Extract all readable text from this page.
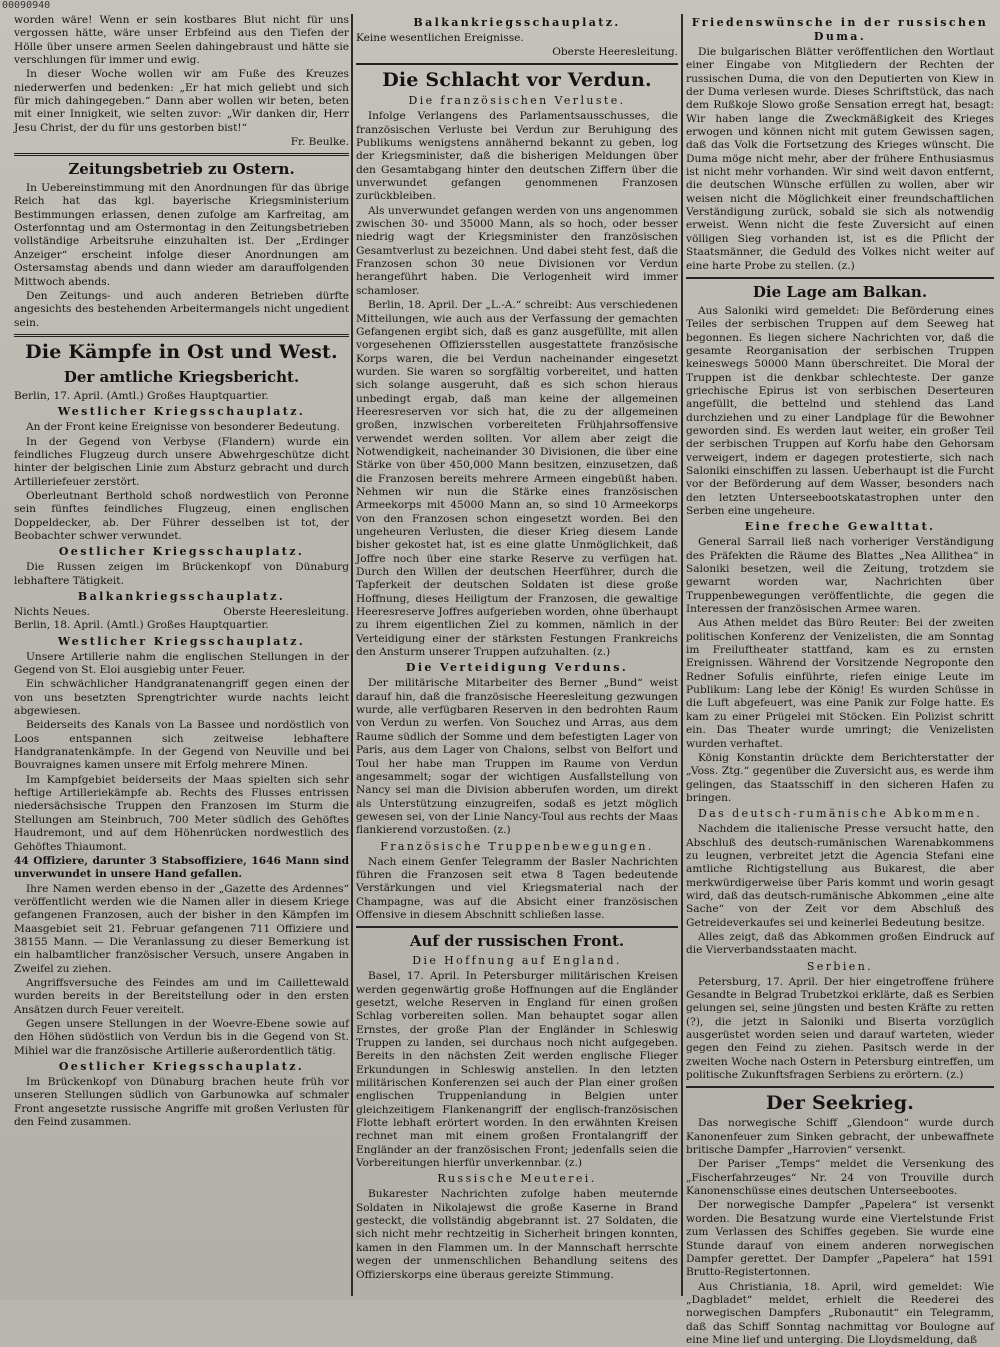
00090940

worden wäre! Wenn er sein kostbares Blut nicht für uns vergossen hätte, wäre unser Erbfeind aus den Tiefen der Hölle über unsere armen Seelen dahingebraust und hätte sie verschlungen für immer und ewig.

In dieser Woche wollen wir am Fuße des Kreuzes niederwerfen und bedenken: „Er hat mich geliebt und sich für mich dahingegeben.“ Dann aber wollen wir beten, beten mit einer Innigkeit, wie selten zuvor: „Wir danken dir, Herr Jesu Christ, der du für uns gestorben bist!“

Fr. Beulke.
Zeitungsbetrieb zu Ostern.

In Uebereinstimmung mit den Anordnungen für das übrige Reich hat das kgl. bayerische Kriegsministerium Bestimmungen erlassen, denen zufolge am Karfreitag, am Osterfonntag und am Ostermontag in den Zeitungsbetrieben vollständige Arbeitsruhe einzuhalten ist. Der „Erdinger Anzeiger“ erscheint infolge dieser Anordnungen am Ostersamstag abends und dann wieder am darauffolgenden Mittwoch abends.

Den Zeitungs- und auch anderen Betrieben dürfte angesichts des bestehenden Arbeitermangels nicht ungedient sein.

Die Kämpfe in Ost und West.
Der amtliche Kriegsbericht.

Berlin, 17. April. (Amtl.) Großes Hauptquartier.

Westlicher Kriegsschauplatz.

An der Front keine Ereignisse von besonderer Bedeutung.

In der Gegend von Verbyse (Flandern) wurde ein feindliches Flugzeug durch unsere Abwehrgeschütze dicht hinter der belgischen Linie zum Absturz gebracht und durch Artilleriefeuer zerstört.

Oberleutnant Berthold schoß nordwestlich von Peronne sein fünftes feindliches Flugzeug, einen englischen Doppeldecker, ab. Der Führer desselben ist tot, der Beobachter schwer verwundet.

Oestlicher Kriegsschauplatz.

Die Russen zeigen im Brückenkopf von Dünaburg lebhaftere Tätigkeit.

Balkankriegsschauplatz.
Nichts Neues.	Oberste Heeresleitung.

Berlin, 18. April. (Amtl.) Großes Hauptquartier.

Westlicher Kriegsschauplatz.

Unsere Artillerie nahm die englischen Stellungen in der Gegend von St. Eloi ausgiebig unter Feuer.

Ein schwächlicher Handgranatenangriff gegen einen der von uns besetzten Sprengtrichter wurde nachts leicht abgewiesen.

Beiderseits des Kanals von La Bassee und nordöstlich von Loos entspannen sich zeitweise lebhaftere Handgranatenkämpfe. In der Gegend von Neuville und bei Bouvraignes kamen unsere mit Erfolg mehrere Minen.

Im Kampfgebiet beiderseits der Maas spielten sich sehr heftige Artilleriekämpfe ab. Rechts des Flusses entrissen niedersächsische Truppen den Franzosen im Sturm die Stellungen am Steinbruch, 700 Meter südlich des Gehöftes Haudremont, und auf dem Höhenrücken nordwestlich des Gehöftes Thiaumont.

44 Offiziere, darunter 3 Stabsoffiziere, 1646 Mann sind unverwundet in unsere Hand gefallen.

Ihre Namen werden ebenso in der „Gazette des Ardennes“ veröffentlicht werden wie die Namen aller in diesem Kriege gefangenen Franzosen, auch der bisher in den Kämpfen im Maasgebiet seit 21. Februar gefangenen 711 Offiziere und 38155 Mann. — Die Veranlassung zu dieser Bemerkung ist ein halbamtlicher französischer Versuch, unsere Angaben in Zweifel zu ziehen.

Angriffsversuche des Feindes am und im Caillettewald wurden bereits in der Bereitstellung oder in den ersten Ansätzen durch Feuer vereitelt.

Gegen unsere Stellungen in der Woevre-Ebene sowie auf den Höhen südöstlich von Verdun bis in die Gegend von St. Mihiel war die französische Artillerie außerordentlich tätig.

Oestlicher Kriegsschauplatz.

Im Brückenkopf von Dünaburg brachen heute früh vor unseren Stellungen südlich von Garbunowka auf schmaler Front angesetzte russische Angriffe mit großen Verlusten für den Feind zusammen.

Balkankriegsschauplatz.

Keine wesentlichen Ereignisse.

Oberste Heeresleitung.
Die Schlacht vor Verdun.
Die französischen Verluste.

Infolge Verlangens des Parlamentsausschusses, die französischen Verluste bei Verdun zur Beruhigung des Publikums wenigstens annähernd bekannt zu geben, log der Kriegsminister, daß die bisherigen Meldungen über den Gesamtabgang hinter den deutschen Ziffern über die unverwundet gefangen genommenen Franzosen zurückbleiben.

Als unverwundet gefangen werden von uns angenommen zwischen 30- und 35000 Mann, als so hoch, oder besser niedrig wagt der Kriegsminister den französischen Gesamtverlust zu bezeichnen. Und dabei steht fest, daß die Franzosen schon 30 neue Divisionen vor Verdun herangeführt haben. Die Verlogenheit wird immer schamloser.

Berlin, 18. April. Der „L.-A.“ schreibt: Aus verschiedenen Mitteilungen, wie auch aus der Verfassung der gemachten Gefangenen ergibt sich, daß es ganz ausgefüllte, mit allen vorgesehenen Offiziersstellen ausgestattete französische Korps waren, die bei Verdun nacheinander eingesetzt wurden. Sie waren so sorgfältig vorbereitet, und hatten sich solange ausgeruht, daß es sich schon hieraus unbedingt ergab, daß man keine der allgemeinen Heeresreserven vor sich hat, die zu der allgemeinen großen, inzwischen vorbereiteten Frühjahrsoffensive verwendet werden sollten. Vor allem aber zeigt die Notwendigkeit, nacheinander 30 Divisionen, die über eine Stärke von über 450,000 Mann besitzen, einzusetzen, daß die Franzosen bereits mehrere Armeen eingebüßt haben. Nehmen wir nun die Stärke eines französischen Armeekorps mit 45000 Mann an, so sind 10 Armeekorps von den Franzosen schon eingesetzt worden. Bei den ungeheuren Verlusten, die dieser Krieg diesem Lande bisher gekostet hat, ist es eine glatte Unmöglichkeit, daß Joffre noch über eine starke Reserve zu verfügen hat. Durch den Willen der deutschen Heerführer, durch die Tapferkeit der deutschen Soldaten ist diese große Hoffnung, dieses Heiligtum der Franzosen, die gewaltige Heeresreserve Joffres aufgerieben worden, ohne überhaupt zu ihrem eigentlichen Ziel zu kommen, nämlich in der Verteidigung einer der stärksten Festungen Frankreichs den Ansturm unserer Truppen aufzuhalten. (z.)

Die Verteidigung Verduns.

Der militärische Mitarbeiter des Berner „Bund“ weist darauf hin, daß die französische Heeresleitung gezwungen wurde, alle verfügbaren Reserven in den bedrohten Raum von Verdun zu werfen. Von Souchez und Arras, aus dem Raume südlich der Somme und dem befestigten Lager von Paris, aus dem Lager von Chalons, selbst von Belfort und Toul her habe man Truppen im Raume von Verdun angesammelt; sogar der wichtigen Ausfallstellung von Nancy sei man die Division abberufen worden, um direkt als Unterstützung einzugreifen, sodaß es jetzt möglich gewesen sei, von der Linie Nancy-Toul aus rechts der Maas flankierend vorzustoßen. (z.)

Französische Truppenbewegungen.

Nach einem Genfer Telegramm der Basler Nachrichten führen die Franzosen seit etwa 8 Tagen bedeutende Verstärkungen und viel Kriegsmaterial nach der Champagne, was auf die Absicht einer französischen Offensive in diesem Abschnitt schließen lasse.

Auf der russischen Front.
Die Hoffnung auf England.

Basel, 17. April. In Petersburger militärischen Kreisen werden gegenwärtig große Hoffnungen auf die Engländer gesetzt, welche Reserven in England für einen großen Schlag vorbereiten sollen. Man behauptet sogar allen Ernstes, der große Plan der Engländer in Schleswig Truppen zu landen, sei durchaus noch nicht aufgegeben. Bereits in den nächsten Zeit werden englische Flieger Erkundungen in Schleswig anstellen. In den letzten militärischen Konferenzen sei auch der Plan einer großen englischen Truppenlandung in Belgien unter gleichzeitigem Flankenangriff der englisch-französischen Flotte lebhaft erörtert worden. In den erwähnten Kreisen rechnet man mit einem großen Frontalangriff der Engländer an der französischen Front; jedenfalls seien die Vorbereitungen hierfür unverkennbar. (z.)

Russische Meuterei.

Bukarester Nachrichten zufolge haben meuternde Soldaten in Nikolajewst die große Kaserne in Brand gesteckt, die vollständig abgebrannt ist. 27 Soldaten, die sich nicht mehr rechtzeitig in Sicherheit bringen konnten, kamen in den Flammen um. In der Mannschaft herrschte wegen der unmenschlichen Behandlung seitens des Offizierskorps eine überaus gereizte Stimmung.

Friedenswünsche in der russischen Duma.

Die bulgarischen Blätter veröffentlichen den Wortlaut einer Eingabe von Mitgliedern der Rechten der russischen Duma, die von den Deputierten von Kiew in der Duma verlesen wurde. Dieses Schriftstück, das nach dem Rußkoje Slowo große Sensation erregt hat, besagt: Wir haben lange die Zweckmäßigkeit des Krieges erwogen und können nicht mit gutem Gewissen sagen, daß das Volk die Fortsetzung des Krieges wünscht. Die Duma möge nicht mehr, aber der frühere Enthusiasmus ist nicht mehr vorhanden. Wir sind weit davon entfernt, die deutschen Wünsche erfüllen zu wollen, aber wir weisen nicht die Möglichkeit einer freundschaftlichen Verständigung zurück, sobald sie sich als notwendig erweist. Wenn nicht die feste Zuversicht auf einen völligen Sieg vorhanden ist, ist es die Pflicht der Staatsmänner, die Geduld des Volkes nicht weiter auf eine harte Probe zu stellen. (z.)

Die Lage am Balkan.

Aus Saloniki wird gemeldet: Die Beförderung eines Teiles der serbischen Truppen auf dem Seeweg hat begonnen. Es liegen sichere Nachrichten vor, daß die gesamte Reorganisation der serbischen Truppen keineswegs 50000 Mann überschreitet. Die Moral der Truppen ist die denkbar schlechteste. Der ganze griechische Epirus ist von serbischen Deserteuren angefüllt, die bettelnd und stehlend das Land durchziehen und zu einer Landplage für die Bewohner geworden sind. Es werden laut weiter, ein großer Teil der serbischen Truppen auf Korfu habe den Gehorsam verweigert, indem er dagegen protestierte, sich nach Saloniki einschiffen zu lassen. Ueberhaupt ist die Furcht vor der Beförderung auf dem Wasser, besonders nach den letzten Unterseebootskatastrophen unter den Serben eine ungeheure.

Eine freche Gewalttat.

General Sarrail ließ nach vorheriger Verständigung des Präfekten die Räume des Blattes „Nea Allithea“ in Saloniki besetzen, weil die Zeitung, trotzdem sie gewarnt worden war, Nachrichten über Truppenbewegungen veröffentlichte, die gegen die Interessen der französischen Armee waren.

Aus Athen meldet das Büro Reuter: Bei der zweiten politischen Konferenz der Venizelisten, die am Sonntag im Freiluftheater stattfand, kam es zu ernsten Ereignissen. Während der Vorsitzende Negroponte den Redner Sofulis einführte, riefen einige Leute im Publikum: Lang lebe der König! Es wurden Schüsse in die Luft abgefeuert, was eine Panik zur Folge hatte. Es kam zu einer Prügelei mit Stöcken. Ein Polizist schritt ein. Das Theater wurde umringt; die Venizelisten wurden verhaftet.

König Konstantin drückte dem Berichterstatter der „Voss. Ztg.“ gegenüber die Zuversicht aus, es werde ihm gelingen, das Staatsschiff in den sicheren Hafen zu bringen.

Das deutsch-rumänische Abkommen.

Nachdem die italienische Presse versucht hatte, den Abschluß des deutsch-rumänischen Warenabkommens zu leugnen, verbreitet jetzt die Agencia Stefani eine amtliche Richtigstellung aus Bukarest, die aber merkwürdigerweise über Paris kommt und worin gesagt wird, daß das deutsch-rumänische Abkommen „eine alte Sache“ von der Zeit vor dem Abschluß des Getreideverkaufes sei und keinerlei Bedeutung besitze.

Alles zeigt, daß das Abkommen großen Eindruck auf die Vierverbandsstaaten macht.

Serbien.

Petersburg, 17. April. Der hier eingetroffene frühere Gesandte in Belgrad Trubetzkoi erklärte, daß es Serbien gelungen sei, seine jüngsten und besten Kräfte zu retten (?), die jetzt in Saloniki und Biserta vorzüglich ausgerüstet worden seien und darauf warteten, wieder gegen den Feind zu ziehen. Pasitsch werde in der zweiten Woche nach Ostern in Petersburg eintreffen, um politische Zukunftsfragen Serbiens zu erörtern. (z.)

Der Seekrieg.

Das norwegische Schiff „Glendoon“ wurde durch Kanonenfeuer zum Sinken gebracht, der unbewaffnete britische Dampfer „Harrovien“ versenkt.

Der Pariser „Temps“ meldet die Versenkung des „Fischerfahrzeuges“ Nr. 24 von Trouville durch Kanonenschüsse eines deutschen Unterseebootes.

Der norwegische Dampfer „Papelera“ ist versenkt worden. Die Besatzung wurde eine Viertelstunde Frist zum Verlassen des Schiffes gegeben. Sie wurde eine Stunde darauf von einem anderen norwegischen Dampfer gerettet. Der Dampfer „Papelera“ hat 1591 Brutto-Registertonnen.

Aus Christiania, 18. April, wird gemeldet: Wie „Dagbladet“ meldet, erhielt die Reederei des norwegischen Dampfers „Rubonautit“ ein Telegramm, daß das Schiff Sonntag nachmittag vor Boulogne auf eine Mine lief und unterging. Die Lloydsmeldung, daß
